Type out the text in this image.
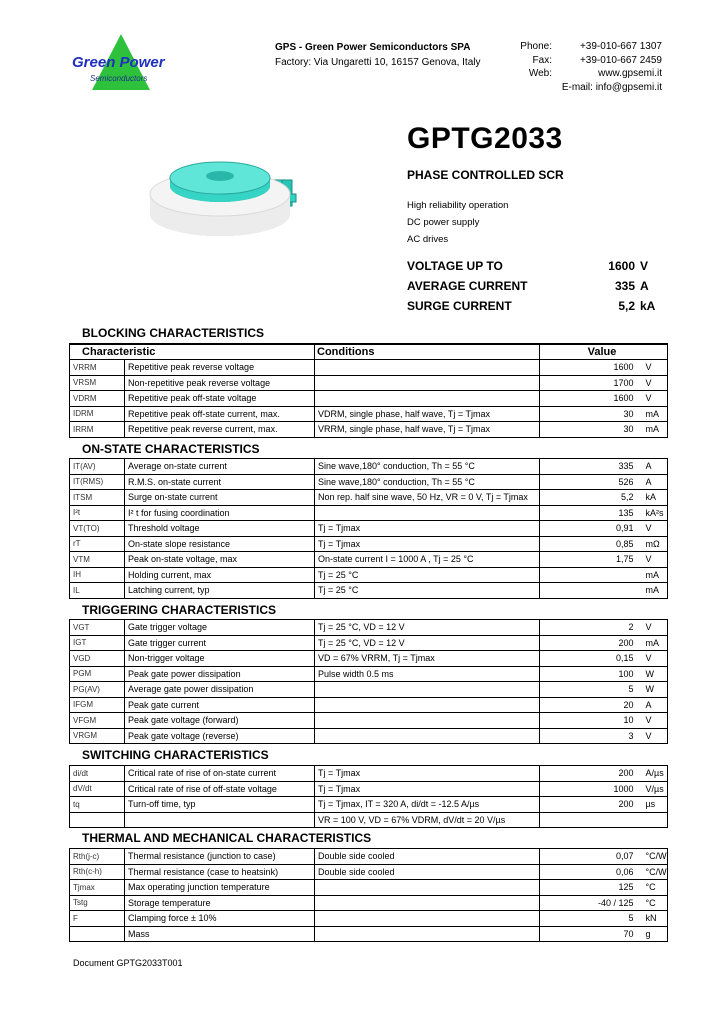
Green Power
Semiconductors
GPS - Green Power Semiconductors SPA
Factory: Via Ungaretti 10, 16157 Genova, Italy
Phone:	+39-010-667 1307
Fax:	+39-010-667 2459
Web:	www.gpsemi.it
E-mail: info@gpsemi.it
GPTG2033
PHASE CONTROLLED SCR
High reliability operation
DC power supply
AC drives
VOLTAGE UP TO	1600 V
AVERAGE CURRENT	335 A
SURGE CURRENT	5,2 kA
BLOCKING CHARACTERISTICS
Characteristic		Conditions	Value	
VRRM	Repetitive peak reverse voltage		1600	V
VRSM	Non-repetitive peak reverse voltage		1700	V
VDRM	Repetitive peak off-state voltage		1600	V
IDRM	Repetitive peak off-state current, max.	VDRM, single phase, half wave, Tj = Tjmax	30	mA
IRRM	Repetitive peak reverse current, max.	VRRM, single phase, half wave, Tj = Tjmax	30	mA
ON-STATE CHARACTERISTICS
IT(AV)	Average on-state current	Sine wave,180° conduction, Th = 55 °C	335	A
IT(RMS)	R.M.S. on-state current	Sine wave,180° conduction, Th = 55 °C	526	A
ITSM	Surge on-state current	Non rep. half sine wave, 50 Hz, VR = 0 V, Tj = Tjmax	5,2	kA
I²t	I² t for fusing coordination		135	kA²s
VT(TO)	Threshold voltage	Tj = Tjmax	0,91	V
rT	On-state slope resistance	Tj = Tjmax	0,85	mΩ
VTM	Peak on-state voltage, max	On-state current I = 1000 A , Tj = 25 °C	1,75	V
IH	Holding current, max	Tj = 25 °C		mA
IL	Latching current, typ	Tj = 25 °C		mA
TRIGGERING CHARACTERISTICS
VGT	Gate trigger voltage	Tj = 25 °C, VD = 12 V	2	V
IGT	Gate trigger current	Tj = 25 °C, VD = 12 V	200	mA
VGD	Non-trigger voltage	VD = 67% VRRM, Tj = Tjmax	0,15	V
PGM	Peak gate power dissipation	Pulse width 0.5 ms	100	W
PG(AV)	Average gate power dissipation		5	W
IFGM	Peak gate current		20	A
VFGM	Peak gate voltage (forward)		10	V
VRGM	Peak gate voltage (reverse)		3	V
SWITCHING CHARACTERISTICS
di/dt	Critical rate of rise of on-state current	Tj = Tjmax	200	A/µs
dV/dt	Critical rate of rise of off-state voltage	Tj = Tjmax	1000	V/µs
tq	Turn-off time, typ	Tj = Tjmax, IT = 320 A, di/dt = -12.5 A/µs	200	µs
		VR = 100 V, VD = 67% VDRM, dV/dt = 20 V/µs		
THERMAL AND MECHANICAL CHARACTERISTICS
Rth(j-c)	Thermal resistance (junction to case)	Double side cooled	0,07	°C/W
Rth(c-h)	Thermal resistance (case to heatsink)	Double side cooled	0,06	°C/W
Tjmax	Max operating junction temperature		125	°C
Tstg	Storage temperature		-40 / 125	°C
F	Clamping force ± 10%		5	kN
	Mass		70	g
Document GPTG2033T001
